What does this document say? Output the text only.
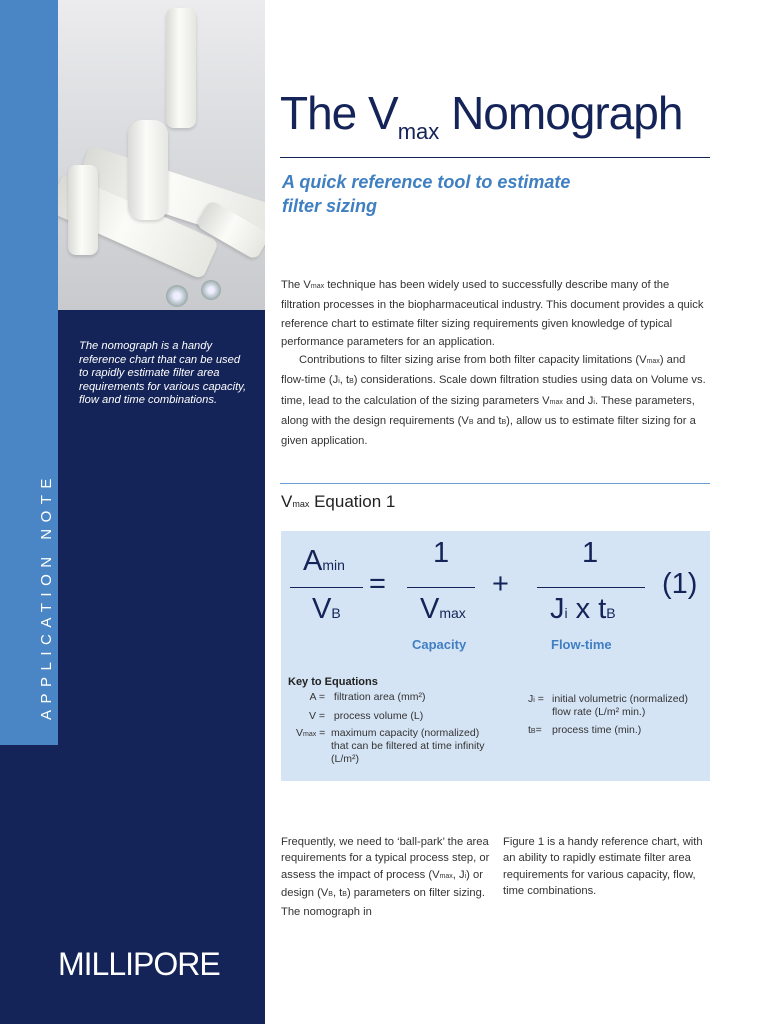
APPLICATION NOTE
The nomograph is a handy reference chart that can be used to rapidly estimate filter area requirements for various capacity, flow and time combinations.
MILLIPORE
The $V_{max}$ Nomograph
A quick reference tool to estimate
filter sizing

The Vmax technique has been widely used to successfully describe many of the filtration processes in the biopharmaceutical industry. This document provides a quick reference chart to estimate filter sizing requirements given knowledge of typical performance parameters for an application.

Contributions to filter sizing arise from both filter capacity limitations (Vmax) and flow-time (Ji, tB) considerations. Scale down filtration studies using data on Volume vs. time, lead to the calculation of the sizing parameters Vmax and Ji. These parameters, along with the design requirements (VB and tB), allow us to estimate filter sizing for a given application.

Vmax Equation 1
Amin
VB
=
1
Vmax
+
1
Ji x tB
(1)
Capacity	Flow-time
Key to Equations
A = filtration area (mm²)
V = process volume (L)
Vmax = maximum capacity (normalized) that can be filtered at time infinity (L/m²)
Ji = initial volumetric (normalized) flow rate (L/m² min.)
tB= process time (min.)
Frequently, we need to ‘ball-park’ the area requirements for a typical process step, or assess the impact of process (Vmax, Ji) or design (VB, tB) parameters on filter sizing. The nomograph in
Figure 1 is a handy reference chart, with an ability to rapidly estimate filter area requirements for various capacity, flow, time combinations.
